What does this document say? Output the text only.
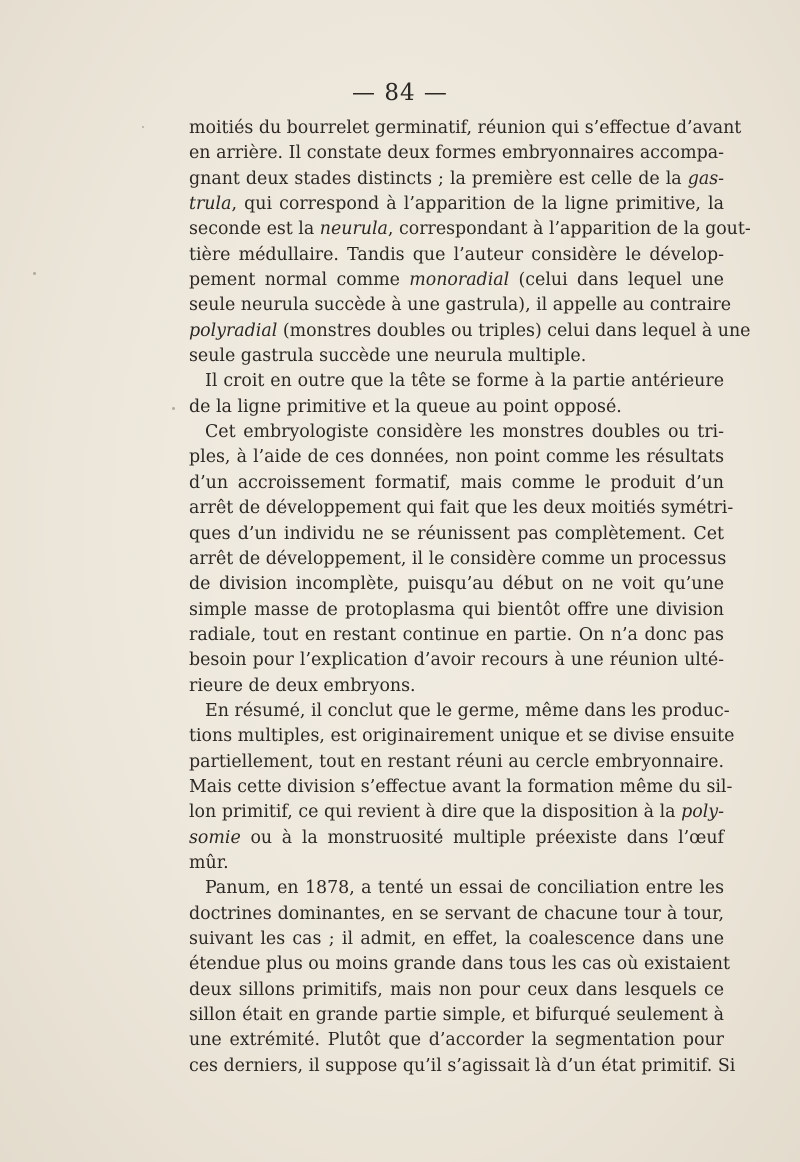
— 84 —
moitiés du bourrelet germinatif, réunion qui s’effectue d’avant
en arrière. Il constate deux formes embryonnaires accompa-
gnant deux stades distincts ; la première est celle de la gas-
trula, qui correspond à l’apparition de la ligne primitive, la
seconde est la neurula, correspondant à l’apparition de la gout-
tière médullaire. Tandis que l’auteur considère le dévelop-
pement normal comme monoradial (celui dans lequel une
seule neurula succède à une gastrula), il appelle au contraire
polyradial (monstres doubles ou triples) celui dans lequel à une
seule gastrula succède une neurula multiple.
Il croit en outre que la tête se forme à la partie antérieure
de la ligne primitive et la queue au point opposé.
Cet embryologiste considère les monstres doubles ou tri-
ples, à l’aide de ces données, non point comme les résultats
d’un accroissement formatif, mais comme le produit d’un
arrêt de développement qui fait que les deux moitiés symétri-
ques d’un individu ne se réunissent pas complètement. Cet
arrêt de développement, il le considère comme un processus
de division incomplète, puisqu’au début on ne voit qu’une
simple masse de protoplasma qui bientôt offre une division
radiale, tout en restant continue en partie. On n’a donc pas
besoin pour l’explication d’avoir recours à une réunion ulté-
rieure de deux embryons.
En résumé, il conclut que le germe, même dans les produc-
tions multiples, est originairement unique et se divise ensuite
partiellement, tout en restant réuni au cercle embryonnaire.
Mais cette division s’effectue avant la formation même du sil-
lon primitif, ce qui revient à dire que la disposition à la poly-
somie ou à la monstruosité multiple préexiste dans l’œuf
mûr.
Panum, en 1878, a tenté un essai de conciliation entre les
doctrines dominantes, en se servant de chacune tour à tour,
suivant les cas ; il admit, en effet, la coalescence dans une
étendue plus ou moins grande dans tous les cas où existaient
deux sillons primitifs, mais non pour ceux dans lesquels ce
sillon était en grande partie simple, et bifurqué seulement à
une extrémité. Plutôt que d’accorder la segmentation pour
ces derniers, il suppose qu’il s’agissait là d’un état primitif. Si
